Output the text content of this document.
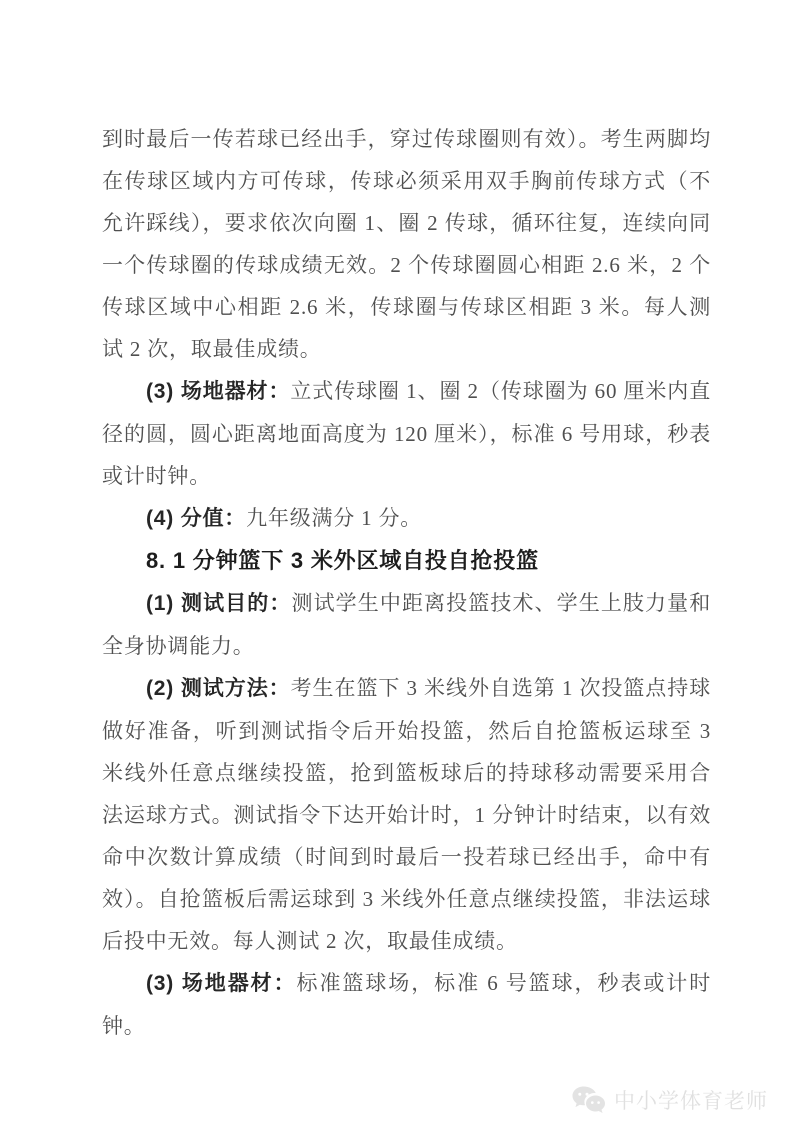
到时最后一传若球已经出手，穿过传球圈则有效）。考生两脚均在传球区域内方可传球，传球必须采用双手胸前传球方式（不允许踩线），要求依次向圈 1、圈 2 传球，循环往复，连续向同一个传球圈的传球成绩无效。2 个传球圈圆心相距 2.6 米，2 个传球区域中心相距 2.6 米，传球圈与传球区相距 3 米。每人测试 2 次，取最佳成绩。

(3) 场地器材：立式传球圈 1、圈 2（传球圈为 60 厘米内直径的圆，圆心距离地面高度为 120 厘米），标准 6 号用球，秒表或计时钟。

(4) 分值：九年级满分 1 分。

8. 1 分钟篮下 3 米外区域自投自抢投篮

(1) 测试目的：测试学生中距离投篮技术、学生上肢力量和全身协调能力。

(2) 测试方法：考生在篮下 3 米线外自选第 1 次投篮点持球做好准备，听到测试指令后开始投篮，然后自抢篮板运球至 3 米线外任意点继续投篮，抢到篮板球后的持球移动需要采用合法运球方式。测试指令下达开始计时，1 分钟计时结束，以有效命中次数计算成绩（时间到时最后一投若球已经出手，命中有效）。自抢篮板后需运球到 3 米线外任意点继续投篮，非法运球后投中无效。每人测试 2 次，取最佳成绩。

(3) 场地器材：标准篮球场，标准 6 号篮球，秒表或计时钟。

中小学体育老师
